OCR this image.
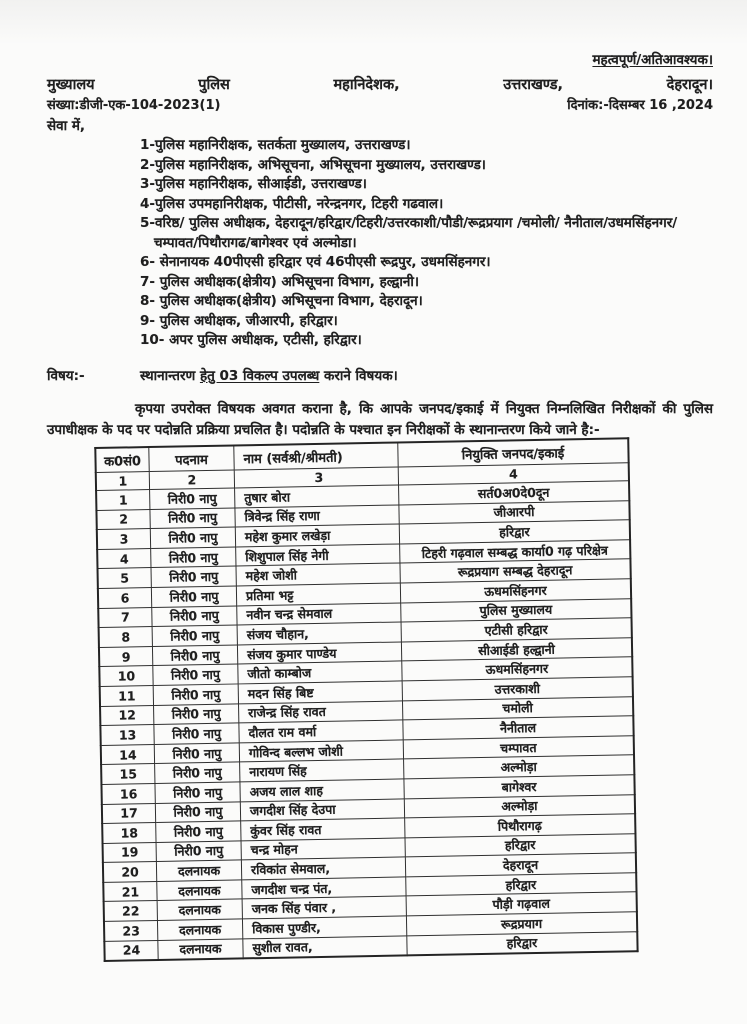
महत्वपूर्ण/अतिआवश्यक।
मुख्यालय	पुलिस	महानिदेशक,	उत्तराखण्ड,	देहरादून।
संख्या:डीजी-एक-104-2023(1)	दिनांक:-दिसम्बर 16 ,2024
सेवा में,
1-पुलिस महानिरीक्षक, सतर्कता मुख्यालय, उत्तराखण्ड।
2-पुलिस महानिरीक्षक, अभिसूचना, अभिसूचना मुख्यालय, उत्तराखण्ड।
3-पुलिस महानिरीक्षक, सीआईडी, उत्तराखण्ड।
4-पुलिस उपमहानिरीक्षक, पीटीसी, नरेन्द्रनगर, टिहरी गढवाल।
5-वरिष्ठ/ पुलिस अधीक्षक, देहरादून/हरिद्वार/टिहरी/उत्तरकाशी/पौडी/रूद्रप्रयाग /चमोली/ नैनीताल/उधमसिंहनगर/चम्पावत/पिथौरागढ/बागेश्वर एवं अल्मोडा।
6- सेनानायक 40पीएसी हरिद्वार एवं 46पीएसी रूद्रपुर, उधमसिंहनगर।
7- पुलिस अधीक्षक(क्षेत्रीय) अभिसूचना विभाग, हल्द्वानी।
8- पुलिस अधीक्षक(क्षेत्रीय) अभिसूचना विभाग, देहरादून।
9- पुलिस अधीक्षक, जीआरपी, हरिद्वार।
10- अपर पुलिस अधीक्षक, एटीसी, हरिद्वार।
विषय:-	स्थानान्तरण हेतु 03 विकल्प उपलब्ध कराने विषयक।

कृपया उपरोक्त विषयक अवगत कराना है, कि आपके जनपद/इकाई में नियुक्त निम्नलिखित निरीक्षकों की पुलिस उपाधीक्षक के पद पर पदोन्नति प्रक्रिया प्रचलित है। पदोन्नति के पश्चात इन निरीक्षकों के स्थानान्तरण किये जाने है:-

क0सं0	पदनाम	नाम (सर्वश्री/श्रीमती)	नियुक्ति जनपद/इकाई
1	2	3	4
1	निरी0 नापु	तुषार बोरा	सर्त0अ0दे0दून
2	निरी0 नापु	त्रिवेन्द्र सिंह राणा	जीआरपी
3	निरी0 नापु	महेश कुमार लखेड़ा	हरिद्वार
4	निरी0 नापु	शिशुपाल सिंह नेगी	टिहरी गढ़वाल सम्बद्ध कार्या0 गढ़ परिक्षेत्र
5	निरी0 नापु	महेश जोशी	रूद्रप्रयाग सम्बद्ध देहरादून
6	निरी0 नापु	प्रतिमा भट्ट	ऊधमसिंहनगर
7	निरी0 नापु	नवीन चन्द्र सेमवाल	पुलिस मुख्यालय
8	निरी0 नापु	संजय चौहान,	एटीसी हरिद्वार
9	निरी0 नापु	संजय कुमार पाण्डेय	सीआईडी हल्द्वानी
10	निरी0 नापु	जीतो काम्बोज	ऊधमसिंहनगर
11	निरी0 नापु	मदन सिंह बिष्ट	उत्तरकाशी
12	निरी0 नापु	राजेन्द्र सिंह रावत	चमोली
13	निरी0 नापु	दौलत राम वर्मा	नैनीताल
14	निरी0 नापु	गोविन्द बल्लभ जोशी	चम्पावत
15	निरी0 नापु	नारायण सिंह	अल्मोड़ा
16	निरी0 नापु	अजय लाल शाह	बागेश्वर
17	निरी0 नापु	जगदीश सिंह देउपा	अल्मोड़ा
18	निरी0 नापु	कुंवर सिंह रावत	पिथौरागढ़
19	निरी0 नापु	चन्द्र मोहन	हरिद्वार
20	दलनायक	रविकांत सेमवाल,	देहरादून
21	दलनायक	जगदीश चन्द्र पंत,	हरिद्वार
22	दलनायक	जनक सिंह पंवार ,	पौड़ी गढ़वाल
23	दलनायक	विकास पुण्डीर,	रूद्रप्रयाग
24	दलनायक	सुशील रावत,	हरिद्वार
